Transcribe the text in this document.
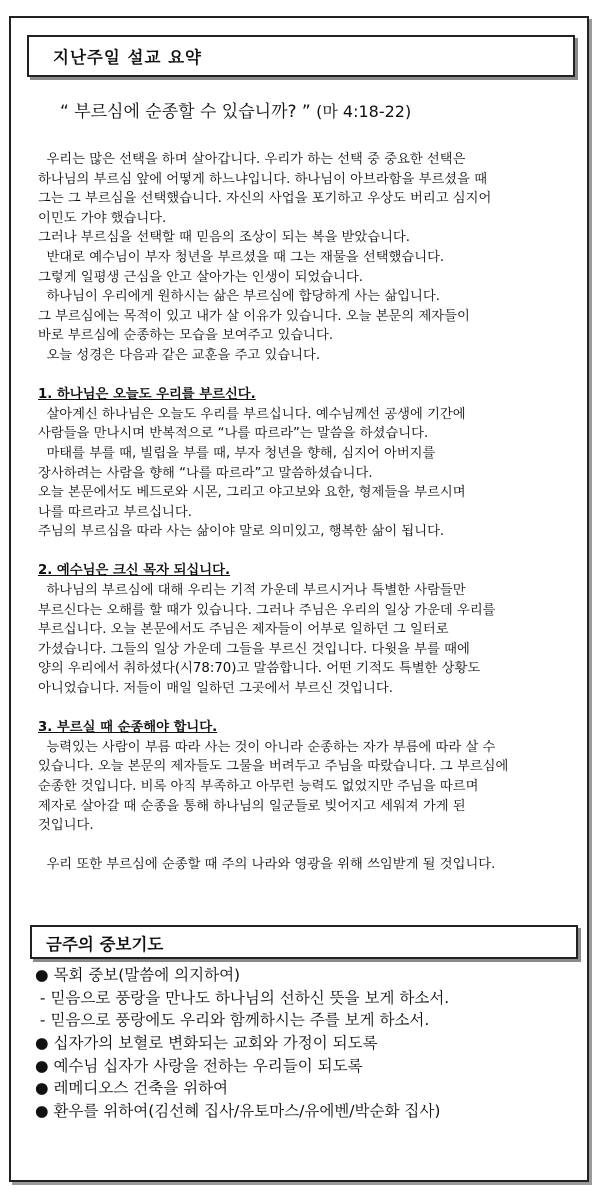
지난주일 설교 요약
“ 부르심에 순종할 수 있습니까? ” (마 4:18-22)
우리는 많은 선택을 하며 살아갑니다. 우리가 하는 선택 중 중요한 선택은
하나님의 부르심 앞에 어떻게 하느냐입니다. 하나님이 아브라함을 부르셨을 때
그는 그 부르심을 선택했습니다. 자신의 사업을 포기하고 우상도 버리고 심지어
이민도 가야 했습니다.
그러나 부르심을 선택할 때 믿음의 조상이 되는 복을 받았습니다.
반대로 예수님이 부자 청년을 부르셨을 때 그는 재물을 선택했습니다.
그렇게 일평생 근심을 안고 살아가는 인생이 되었습니다.
하나님이 우리에게 원하시는 삶은 부르심에 합당하게 사는 삶입니다.
그 부르심에는 목적이 있고 내가 살 이유가 있습니다. 오늘 본문의 제자들이
바로 부르심에 순종하는 모습을 보여주고 있습니다.
오늘 성경은 다음과 같은 교훈을 주고 있습니다.
1. 하나님은 오늘도 우리를 부르신다.
살아계신 하나님은 오늘도 우리를 부르십니다. 예수님께선 공생에 기간에
사람들을 만나시며 반복적으로 “나를 따르라”는 말씀을 하셨습니다.
마태를 부를 때, 빌립을 부를 때, 부자 청년을 향해, 심지어 아버지를
장사하려는 사람을 향해 “나를 따르라”고 말씀하셨습니다.
오늘 본문에서도 베드로와 시몬, 그리고 야고보와 요한, 형제들을 부르시며
나를 따르라고 부르십니다.
주님의 부르심을 따라 사는 삶이야 말로 의미있고, 행복한 삶이 됩니다.
2. 예수님은 크신 목자 되십니다.
하나님의 부르심에 대해 우리는 기적 가운데 부르시거나 특별한 사람들만
부르신다는 오해를 할 때가 있습니다. 그러나 주님은 우리의 일상 가운데 우리를
부르십니다. 오늘 본문에서도 주님은 제자들이 어부로 일하던 그 일터로
가셨습니다. 그들의 일상 가운데 그들을 부르신 것입니다. 다윗을 부를 때에
양의 우리에서 취하셨다(시78:70)고 말씀합니다. 어떤 기적도 특별한 상황도
아니었습니다. 저들이 매일 일하던 그곳에서 부르신 것입니다.
3. 부르실 때 순종해야 합니다.
능력있는 사람이 부름 따라 사는 것이 아니라 순종하는 자가 부름에 따라 살 수
있습니다. 오늘 본문의 제자들도 그물을 버려두고 주님을 따랐습니다. 그 부르심에
순종한 것입니다. 비록 아직 부족하고 아무런 능력도 없었지만 주님을 따르며
제자로 살아갈 때 순종을 통해 하나님의 일군들로 빚어지고 세워져 가게 된
것입니다.
우리 또한 부르심에 순종할 때 주의 나라와 영광을 위해 쓰임받게 될 것입니다.
금주의 중보기도
● 목회 중보(말씀에 의지하여)
- 믿음으로 풍랑을 만나도 하나님의 선하신 뜻을 보게 하소서.
- 믿음으로 풍랑에도 우리와 함께하시는 주를 보게 하소서.
● 십자가의 보혈로 변화되는 교회와 가정이 되도록
● 예수님 십자가 사랑을 전하는 우리들이 되도록
● 레메디오스 건축을 위하여
● 환우를 위하여(김선혜 집사/유토마스/유에벤/박순화 집사)
